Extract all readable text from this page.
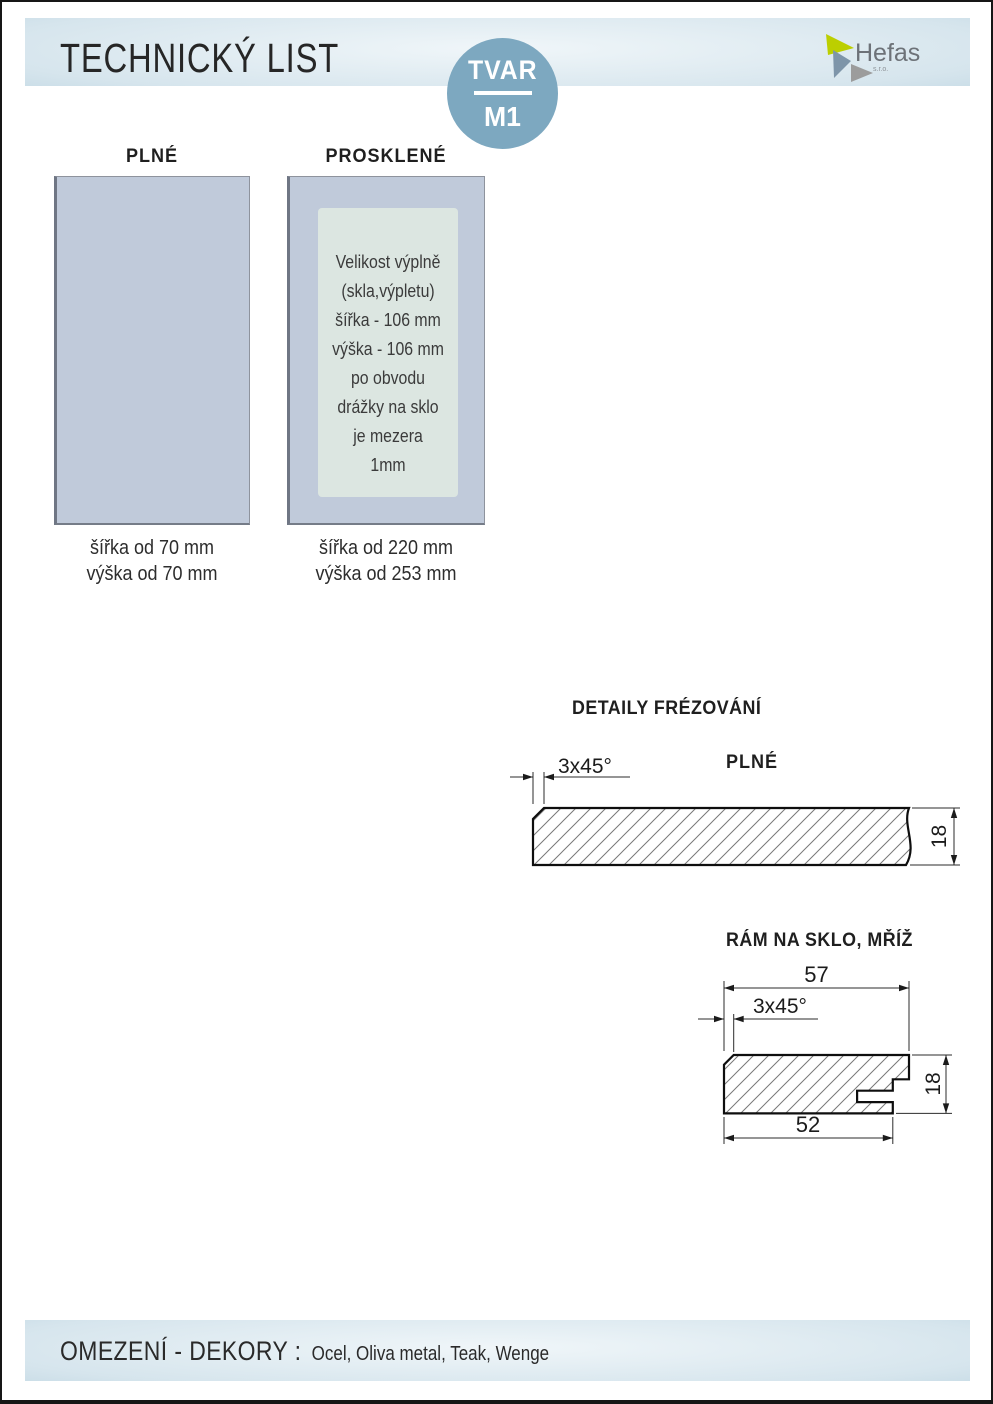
TECHNICKÝ LIST	TVAR
M1
Hefas
s.r.o.
PLNÉ	PROSKLENÉ
Velikost výplně
(skla,výpletu)
šířka - 106 mm
výška - 106 mm
po obvodu
drážky na sklo
je mezera
1mm
šířka od 70 mm
výška od 70 mm
šířka od 220 mm
výška od 253 mm
DETAILY FRÉZOVÁNÍ
PLNÉ
3x45°
18
RÁM NA SKLO, MŘÍŽ
57
3x45°
52
18
OMEZENÍ - DEKORY : Ocel, Oliva metal, Teak, Wenge
